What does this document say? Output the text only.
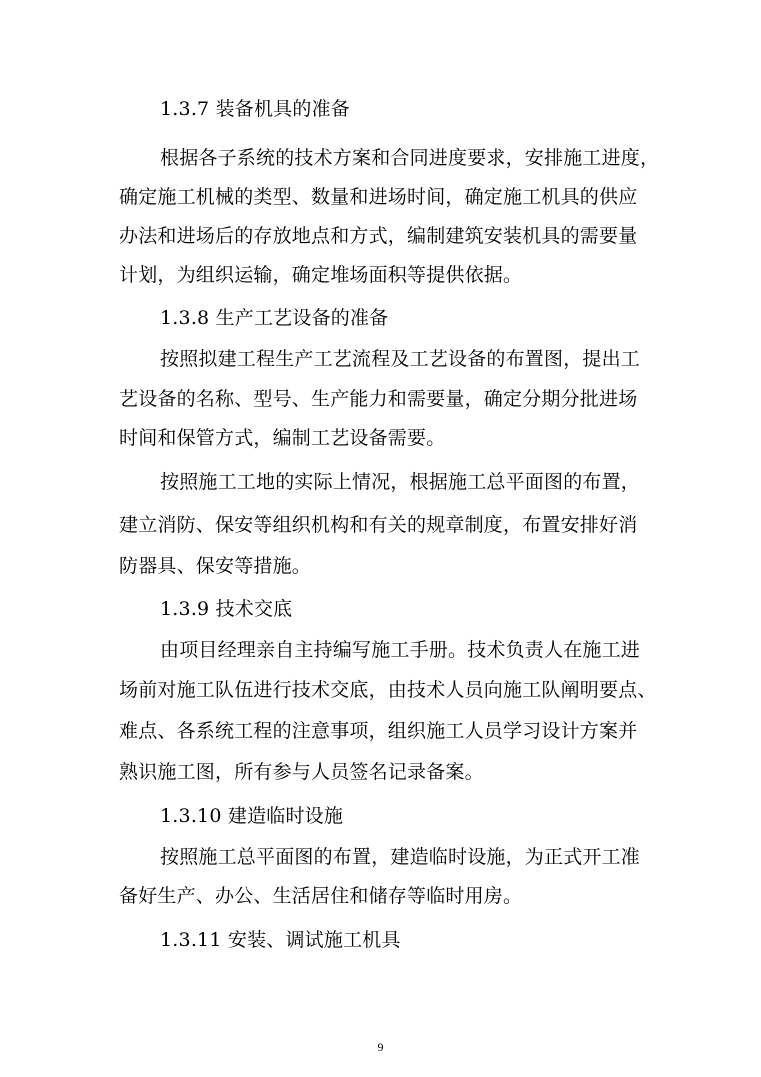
1.3.7 装备机具的准备
根据各子系统的技术方案和合同进度要求，安排施工进度，
确定施工机械的类型、数量和进场时间，确定施工机具的供应
办法和进场后的存放地点和方式，编制建筑安装机具的需要量
计划，为组织运输，确定堆场面积等提供依据。
1.3.8 生产工艺设备的准备
按照拟建工程生产工艺流程及工艺设备的布置图，提出工
艺设备的名称、型号、生产能力和需要量，确定分期分批进场
时间和保管方式，编制工艺设备需要。
按照施工工地的实际上情况，根据施工总平面图的布置，
建立消防、保安等组织机构和有关的规章制度，布置安排好消
防器具、保安等措施。
1.3.9 技术交底
由项目经理亲自主持编写施工手册。技术负责人在施工进
场前对施工队伍进行技术交底，由技术人员向施工队阐明要点、
难点、各系统工程的注意事项，组织施工人员学习设计方案并
熟识施工图，所有参与人员签名记录备案。
1.3.10 建造临时设施
按照施工总平面图的布置，建造临时设施，为正式开工准
备好生产、办公、生活居住和储存等临时用房。
1.3.11 安装、调试施工机具
9
